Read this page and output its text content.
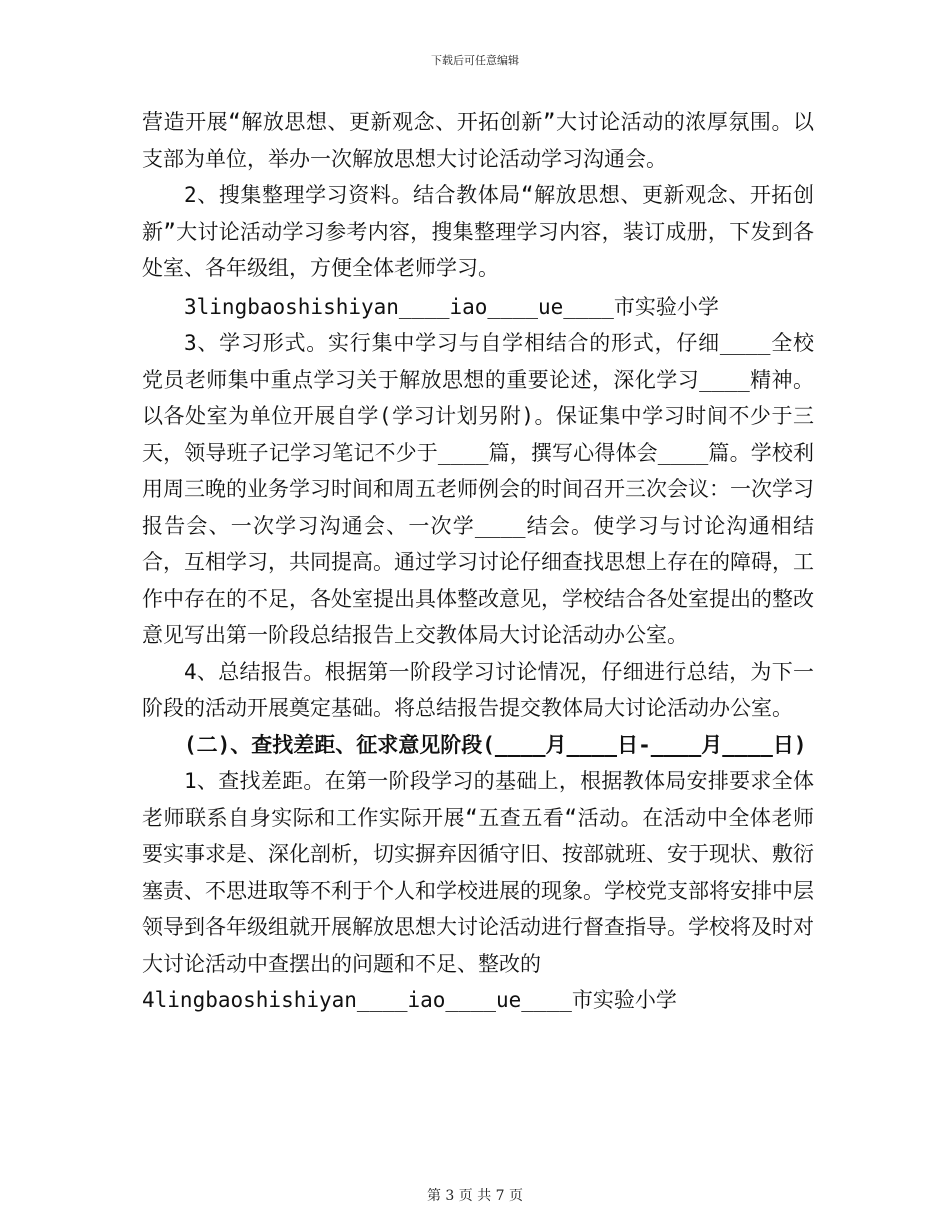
下载后可任意编辑

营造开展“解放思想、更新观念、开拓创新”大讨论活动的浓厚氛围。以支部为单位，举办一次解放思想大讨论活动学习沟通会。

2、搜集整理学习资料。结合教体局“解放思想、更新观念、开拓创新”大讨论活动学习参考内容，搜集整理学习内容，装订成册，下发到各处室、各年级组，方便全体老师学习。

3lingbaoshishiyan____iao____ue____市实验小学

3、学习形式。实行集中学习与自学相结合的形式，仔细____全校党员老师集中重点学习关于解放思想的重要论述，深化学习____精神。以各处室为单位开展自学(学习计划另附)。保证集中学习时间不少于三天，领导班子记学习笔记不少于____篇，撰写心得体会____篇。学校利用周三晚的业务学习时间和周五老师例会的时间召开三次会议：一次学习报告会、一次学习沟通会、一次学____结会。使学习与讨论沟通相结合，互相学习，共同提高。通过学习讨论仔细查找思想上存在的障碍，工作中存在的不足，各处室提出具体整改意见，学校结合各处室提出的整改意见写出第一阶段总结报告上交教体局大讨论活动办公室。

4、总结报告。根据第一阶段学习讨论情况，仔细进行总结，为下一阶段的活动开展奠定基础。将总结报告提交教体局大讨论活动办公室。

(二)、查找差距、征求意见阶段(____月____日-____月____日)

1、查找差距。在第一阶段学习的基础上，根据教体局安排要求全体老师联系自身实际和工作实际开展“五查五看“活动。在活动中全体老师要实事求是、深化剖析，切实摒弃因循守旧、按部就班、安于现状、敷衍塞责、不思进取等不利于个人和学校进展的现象。学校党支部将安排中层领导到各年级组就开展解放思想大讨论活动进行督查指导。学校将及时对大讨论活动中查摆出的问题和不足、整改的

4lingbaoshishiyan____iao____ue____市实验小学

第 3 页 共 7 页
